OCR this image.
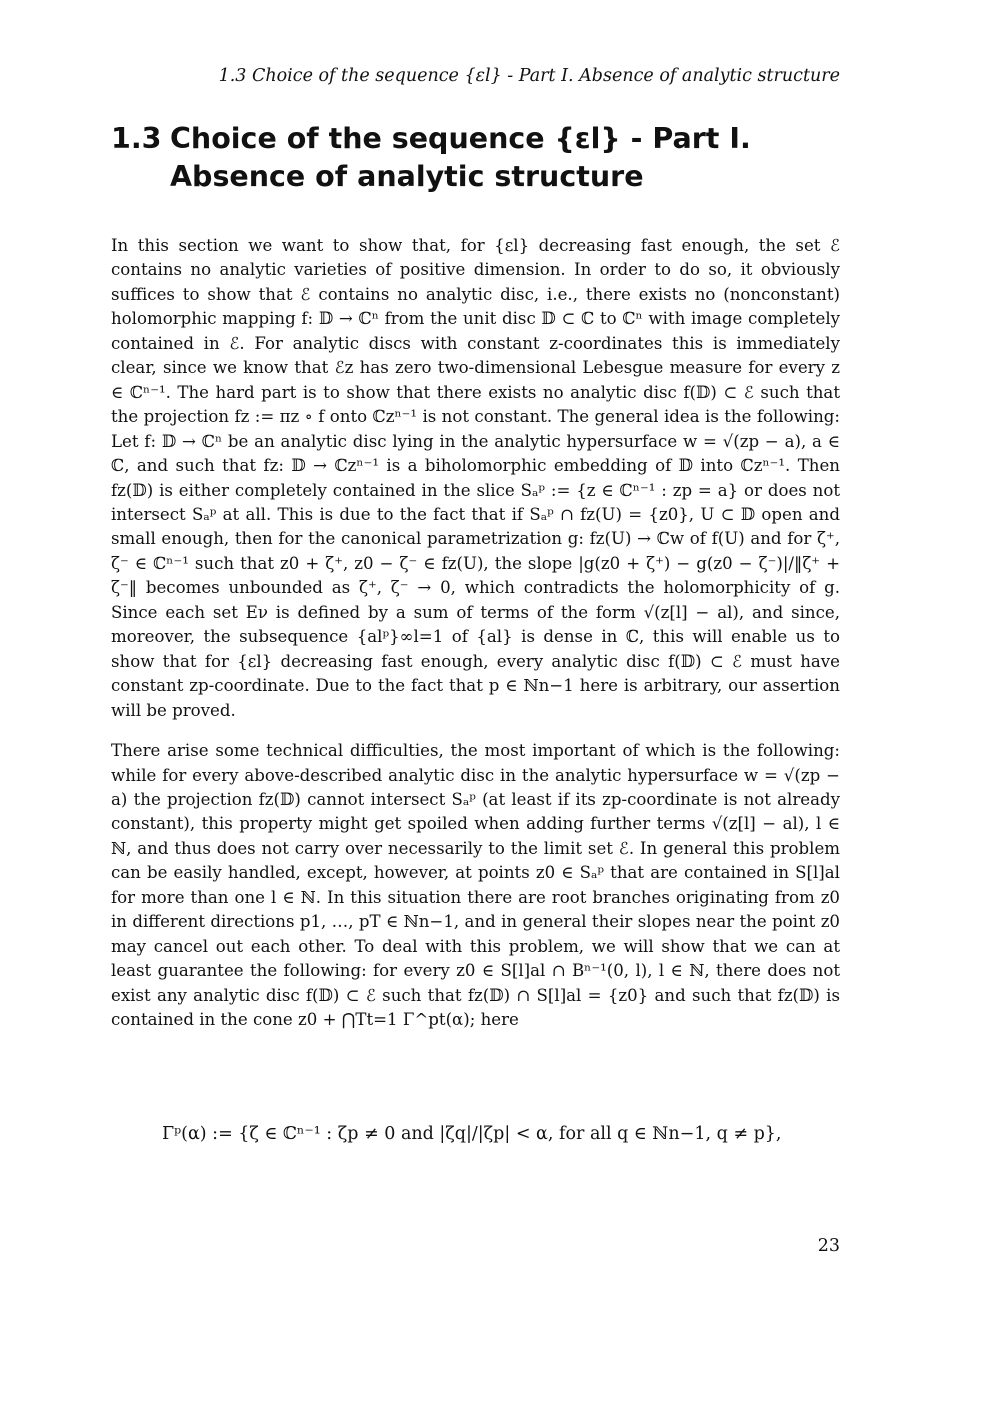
1.3 Choice of the sequence {εl} - Part I. Absence of analytic structure
1.3 Choice of the sequence {εl} - Part I. Absence of analytic structure

In this section we want to show that, for {εl} decreasing fast enough, the set ℰ contains no analytic varieties of positive dimension. In order to do so, it obviously suffices to show that ℰ contains no analytic disc, i.e., there exists no (nonconstant) holomorphic mapping f: 𝔻 → ℂⁿ from the unit disc 𝔻 ⊂ ℂ to ℂⁿ with image completely contained in ℰ. For analytic discs with constant z-coordinates this is immediately clear, since we know that ℰz has zero two-dimensional Lebesgue measure for every z ∈ ℂⁿ⁻¹. The hard part is to show that there exists no analytic disc f(𝔻) ⊂ ℰ such that the projection fz := πz ∘ f onto ℂzⁿ⁻¹ is not constant. The general idea is the following: Let f: 𝔻 → ℂⁿ be an analytic disc lying in the analytic hypersurface w = √(zp − a), a ∈ ℂ, and such that fz: 𝔻 → ℂzⁿ⁻¹ is a biholomorphic embedding of 𝔻 into ℂzⁿ⁻¹. Then fz(𝔻) is either completely contained in the slice Sₐᵖ := {z ∈ ℂⁿ⁻¹ : zp = a} or does not intersect Sₐᵖ at all. This is due to the fact that if Sₐᵖ ∩ fz(U) = {z0}, U ⊂ 𝔻 open and small enough, then for the canonical parametrization g: fz(U) → ℂw of f(U) and for ζ⁺, ζ⁻ ∈ ℂⁿ⁻¹ such that z0 + ζ⁺, z0 − ζ⁻ ∈ fz(U), the slope |g(z0 + ζ⁺) − g(z0 − ζ⁻)|/‖ζ⁺ + ζ⁻‖ becomes unbounded as ζ⁺, ζ⁻ → 0, which contradicts the holomorphicity of g. Since each set Eν is defined by a sum of terms of the form √(z[l] − al), and since, moreover, the subsequence {alᵖ}∞l=1 of {al} is dense in ℂ, this will enable us to show that for {εl} decreasing fast enough, every analytic disc f(𝔻) ⊂ ℰ must have constant zp-coordinate. Due to the fact that p ∈ ℕn−1 here is arbitrary, our assertion will be proved.

There arise some technical difficulties, the most important of which is the following: while for every above-described analytic disc in the analytic hypersurface w = √(zp − a) the projection fz(𝔻) cannot intersect Sₐᵖ (at least if its zp-coordinate is not already constant), this property might get spoiled when adding further terms √(z[l] − al), l ∈ ℕ, and thus does not carry over necessarily to the limit set ℰ. In general this problem can be easily handled, except, however, at points z0 ∈ Sₐᵖ that are contained in S[l]al for more than one l ∈ ℕ. In this situation there are root branches originating from z0 in different directions p1, …, pT ∈ ℕn−1, and in general their slopes near the point z0 may cancel out each other. To deal with this problem, we will show that we can at least guarantee the following: for every z0 ∈ S[l]al ∩ Bⁿ⁻¹(0, l), l ∈ ℕ, there does not exist any analytic disc f(𝔻) ⊂ ℰ such that fz(𝔻) ∩ S[l]al = {z0} and such that fz(𝔻) is contained in the cone z0 + ⋂Tt=1 Γ^pt(α); here

Γᵖ(α) := {ζ ∈ ℂⁿ⁻¹ : ζp ≠ 0 and |ζq|/|ζp| < α, for all q ∈ ℕn−1, q ≠ p},
23
